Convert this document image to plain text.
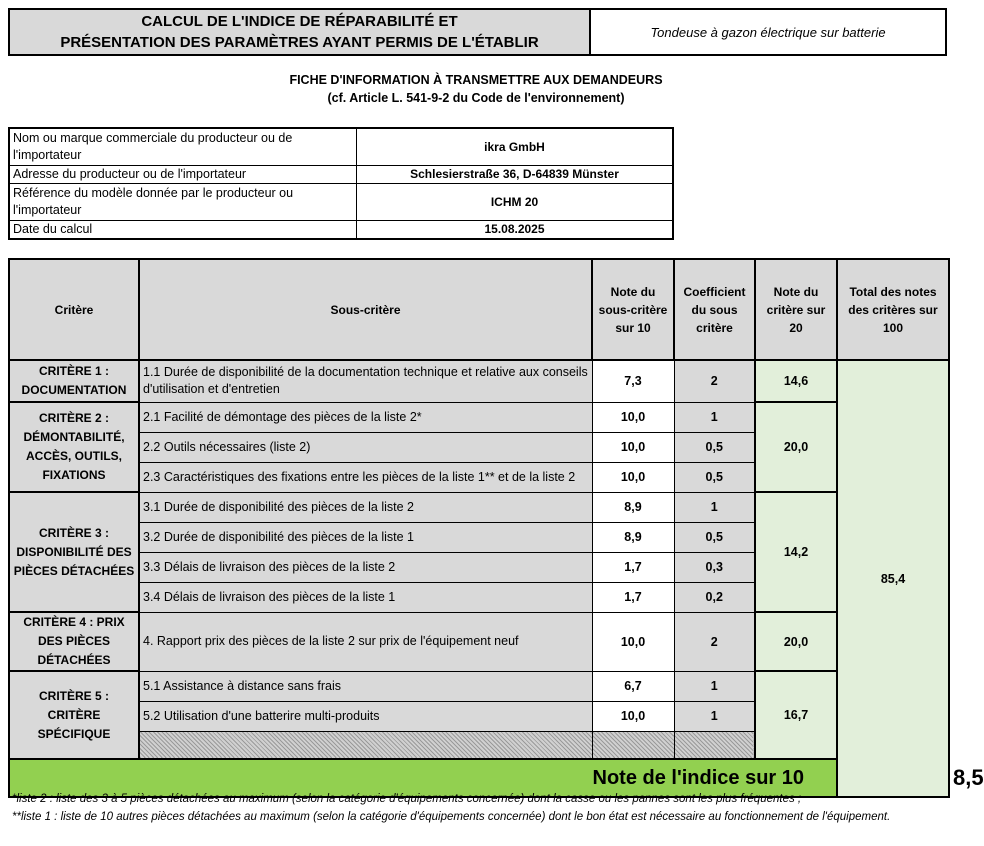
CALCUL DE L'INDICE DE RÉPARABILITÉ ET
PRÉSENTATION DES PARAMÈTRES AYANT PERMIS DE L'ÉTABLIR
Tondeuse à gazon électrique sur batterie
FICHE D'INFORMATION À TRANSMETTRE AUX DEMANDEURS
(cf. Article L. 541-9-2 du Code de l'environnement)
Nom ou marque commerciale du producteur ou de l'importateur	ikra GmbH
Adresse du producteur ou de l'importateur	Schlesierstraße 36, D-64839 Münster
Référence du modèle donnée par le producteur ou l'importateur	ICHM 20
Date du calcul	15.08.2025
Critère	Sous-critère	Note du sous-critère sur 10	Coefficient du sous critère	Note du critère sur 20	Total des notes des critères sur 100	
CRITÈRE 1 : DOCUMENTATION	1.1 Durée de disponibilité de la documentation technique et relative aux conseils d'utilisation et d'entretien	7,3	2	14,6	85,4	
CRITÈRE 2 : DÉMONTABILITÉ, ACCÈS, OUTILS, FIXATIONS	2.1 Facilité de démontage des pièces de la liste 2*	10,0	1	20,0		
	2.2 Outils nécessaires (liste 2)	10,0	0,5			
	2.3 Caractéristiques des fixations entre les pièces de la liste 1** et de la liste 2	10,0	0,5			
CRITÈRE 3 : DISPONIBILITÉ DES PIÈCES DÉTACHÉES	3.1 Durée de disponibilité des pièces de la liste 2	8,9	1	14,2		
	3.2 Durée de disponibilité des pièces de la liste 1	8,9	0,5			
	3.3 Délais de livraison des pièces de la liste 2	1,7	0,3			
	3.4 Délais de livraison des pièces de la liste 1	1,7	0,2			
CRITÈRE 4 : PRIX DES PIÈCES DÉTACHÉES	4. Rapport prix des pièces de la liste 2 sur prix de l'équipement neuf	10,0	2	20,0		
CRITÈRE 5 : CRITÈRE SPÉCIFIQUE	5.1 Assistance à distance sans frais	6,7	1	16,7		
	5.2 Utilisation d'une batterire multi-produits	10,0	1			

Note de l'indice sur 10						8,5
*liste 2 : liste des 3 à 5 pièces détachées au maximum (selon la catégorie d'équipements concernée) dont la casse ou les pannes sont les plus fréquentes ;
**liste 1 : liste de 10 autres pièces détachées au maximum (selon la catégorie d'équipements concernée) dont le bon état est nécessaire au fonctionnement de l'équipement.
